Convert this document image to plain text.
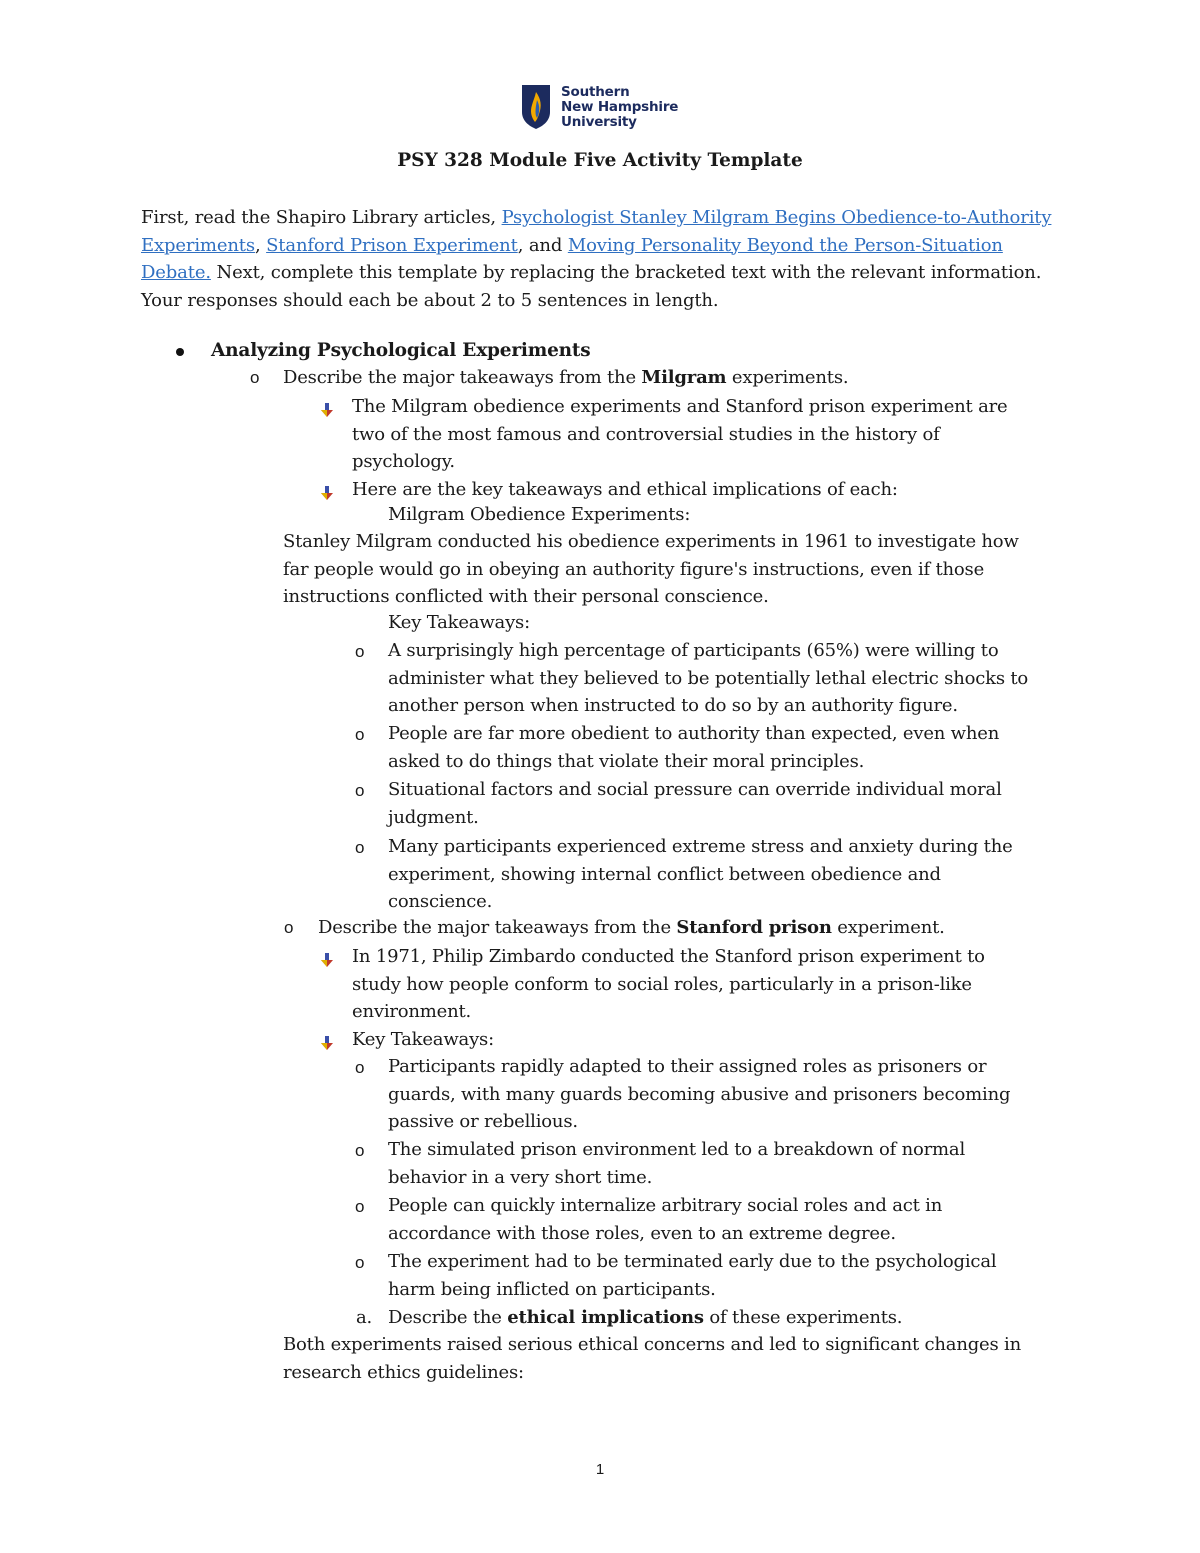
Southern
New Hampshire
University
PSY 328 Module Five Activity Template
First, read the Shapiro Library articles, Psychologist Stanley Milgram Begins Obedience-to-Authority Experiments, Stanford Prison Experiment, and Moving Personality Beyond the Person-Situation Debate. Next, complete this template by replacing the bracketed text with the relevant information. Your responses should each be about 2 to 5 sentences in length.
Analyzing Psychological Experiments
o Describe the major takeaways from the Milgram experiments.
The Milgram obedience experiments and Stanford prison experiment are
two of the most famous and controversial studies in the history of
psychology.
Here are the key takeaways and ethical implications of each:
Milgram Obedience Experiments:
Stanley Milgram conducted his obedience experiments in 1961 to investigate how
far people would go in obeying an authority figure's instructions, even if those
instructions conflicted with their personal conscience.
Key Takeaways:
o A surprisingly high percentage of participants (65%) were willing to
administer what they believed to be potentially lethal electric shocks to
another person when instructed to do so by an authority figure.
o People are far more obedient to authority than expected, even when
asked to do things that violate their moral principles.
o Situational factors and social pressure can override individual moral
judgment.
o Many participants experienced extreme stress and anxiety during the
experiment, showing internal conflict between obedience and
conscience.
o Describe the major takeaways from the Stanford prison experiment.
In 1971, Philip Zimbardo conducted the Stanford prison experiment to
study how people conform to social roles, particularly in a prison-like
environment.
Key Takeaways:
o Participants rapidly adapted to their assigned roles as prisoners or
guards, with many guards becoming abusive and prisoners becoming
passive or rebellious.
o The simulated prison environment led to a breakdown of normal
behavior in a very short time.
o People can quickly internalize arbitrary social roles and act in
accordance with those roles, even to an extreme degree.
o The experiment had to be terminated early due to the psychological
harm being inflicted on participants.
a. Describe the ethical implications of these experiments.
Both experiments raised serious ethical concerns and led to significant changes in
research ethics guidelines:
1
